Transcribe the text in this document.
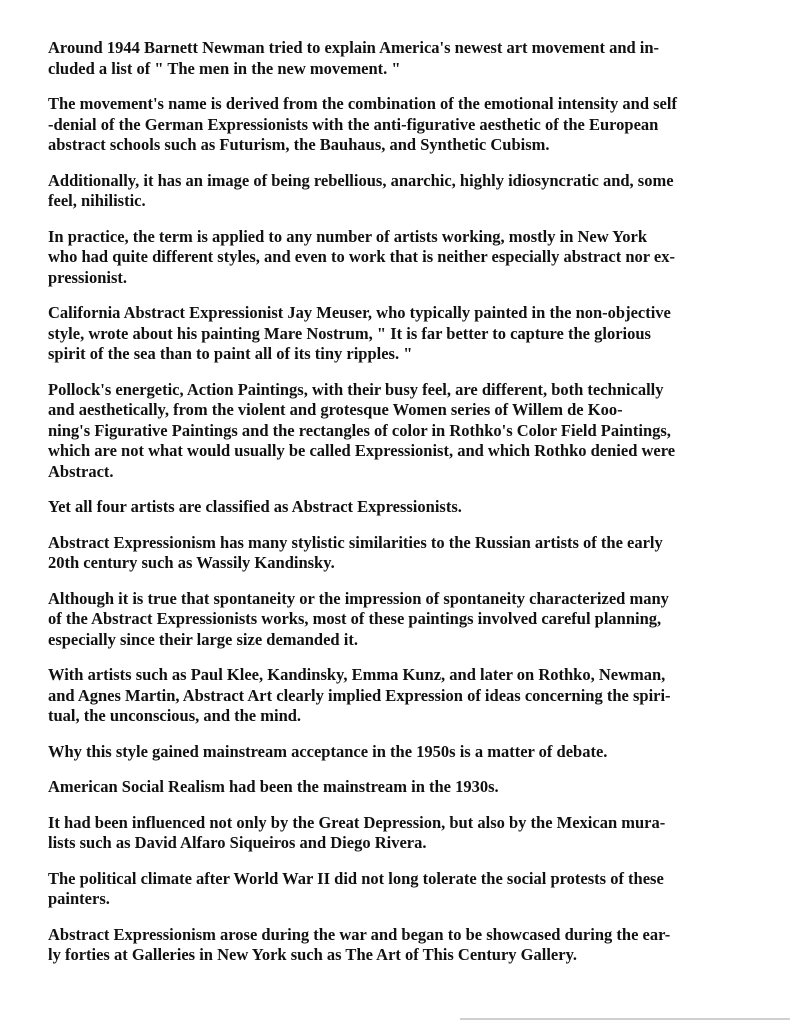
Around 1944 Barnett Newman tried to explain America's newest art movement and in-
cluded a list of " The men in the new movement. "

The movement's name is derived from the combination of the emotional intensity and self
-denial of the German Expressionists with the anti-figurative aesthetic of the European
abstract schools such as Futurism, the Bauhaus, and Synthetic Cubism.

Additionally, it has an image of being rebellious, anarchic, highly idiosyncratic and, some
feel, nihilistic.

In practice, the term is applied to any number of artists working, mostly in New York
who had quite different styles, and even to work that is neither especially abstract nor ex-
pressionist.

California Abstract Expressionist Jay Meuser, who typically painted in the non-objective
style, wrote about his painting Mare Nostrum, " It is far better to capture the glorious
spirit of the sea than to paint all of its tiny ripples. "

Pollock's energetic, Action Paintings, with their busy feel, are different, both technically
and aesthetically, from the violent and grotesque Women series of Willem de Koo-
ning's Figurative Paintings and the rectangles of color in Rothko's Color Field Paintings,
which are not what would usually be called Expressionist, and which Rothko denied were
Abstract.

Yet all four artists are classified as Abstract Expressionists.

Abstract Expressionism has many stylistic similarities to the Russian artists of the early
20th century such as Wassily Kandinsky.

Although it is true that spontaneity or the impression of spontaneity characterized many
of the Abstract Expressionists works, most of these paintings involved careful planning,
especially since their large size demanded it.

With artists such as Paul Klee, Kandinsky, Emma Kunz, and later on Rothko, Newman,
and Agnes Martin, Abstract Art clearly implied Expression of ideas concerning the spiri-
tual, the unconscious, and the mind.

Why this style gained mainstream acceptance in the 1950s is a matter of debate.

American Social Realism had been the mainstream in the 1930s.

It had been influenced not only by the Great Depression, but also by the Mexican mura-
lists such as David Alfaro Siqueiros and Diego Rivera.

The political climate after World War II did not long tolerate the social protests of these
painters.

Abstract Expressionism arose during the war and began to be showcased during the ear-
ly forties at Galleries in New York such as The Art of This Century Gallery.
